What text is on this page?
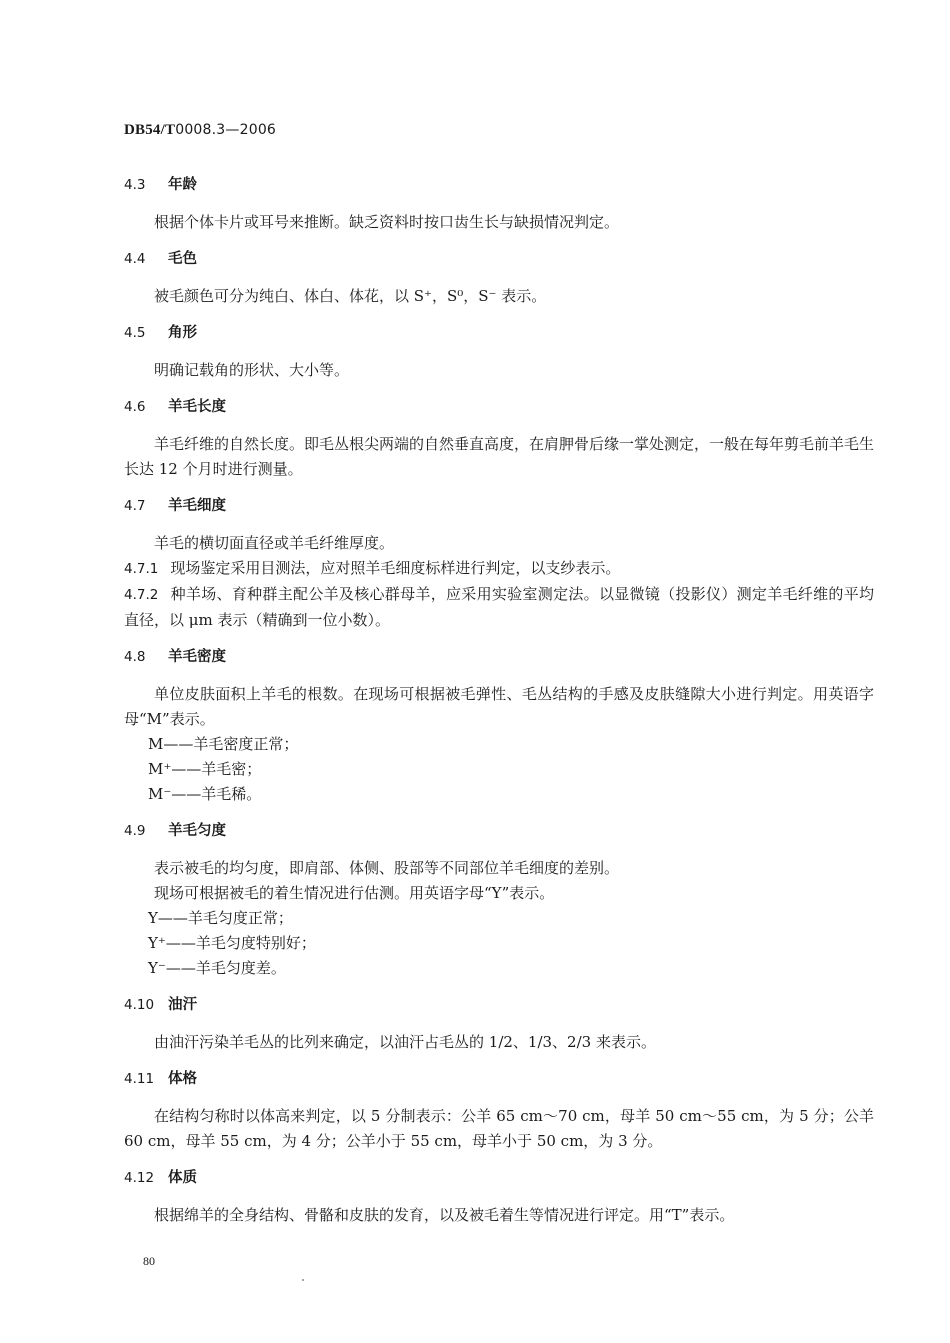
DB54/T0008.3—2006
4.3 年龄

根据个体卡片或耳号来推断。缺乏资料时按口齿生长与缺损情况判定。

4.4 毛色

被毛颜色可分为纯白、体白、体花，以 S⁺，S⁰，S⁻ 表示。

4.5 角形

明确记载角的形状、大小等。

4.6 羊毛长度

羊毛纤维的自然长度。即毛丛根尖两端的自然垂直高度，在肩胛骨后缘一掌处测定，一般在每年剪毛前羊毛生长达 12 个月时进行测量。

4.7 羊毛细度

羊毛的横切面直径或羊毛纤维厚度。

4.7.1 现场鉴定采用目测法，应对照羊毛细度标样进行判定，以支纱表示。

4.7.2 种羊场、育种群主配公羊及核心群母羊，应采用实验室测定法。以显微镜（投影仪）测定羊毛纤维的平均直径，以 μm 表示（精确到一位小数）。

4.8 羊毛密度

单位皮肤面积上羊毛的根数。在现场可根据被毛弹性、毛丛结构的手感及皮肤缝隙大小进行判定。用英语字母“M”表示。

M——羊毛密度正常；

M⁺——羊毛密；

M⁻——羊毛稀。

4.9 羊毛匀度

表示被毛的均匀度，即肩部、体侧、股部等不同部位羊毛细度的差别。

现场可根据被毛的着生情况进行估测。用英语字母“Y”表示。

Y——羊毛匀度正常；

Y⁺——羊毛匀度特别好；

Y⁻——羊毛匀度差。

4.10 油汗

由油汗污染羊毛丛的比列来确定，以油汗占毛丛的 1/2、1/3、2/3 来表示。

4.11 体格

在结构匀称时以体高来判定，以 5 分制表示：公羊 65 cm～70 cm，母羊 50 cm～55 cm，为 5 分；公羊 60 cm，母羊 55 cm，为 4 分；公羊小于 55 cm，母羊小于 50 cm，为 3 分。

4.12 体质

根据绵羊的全身结构、骨骼和皮肤的发育，以及被毛着生等情况进行评定。用“T”表示。

80
